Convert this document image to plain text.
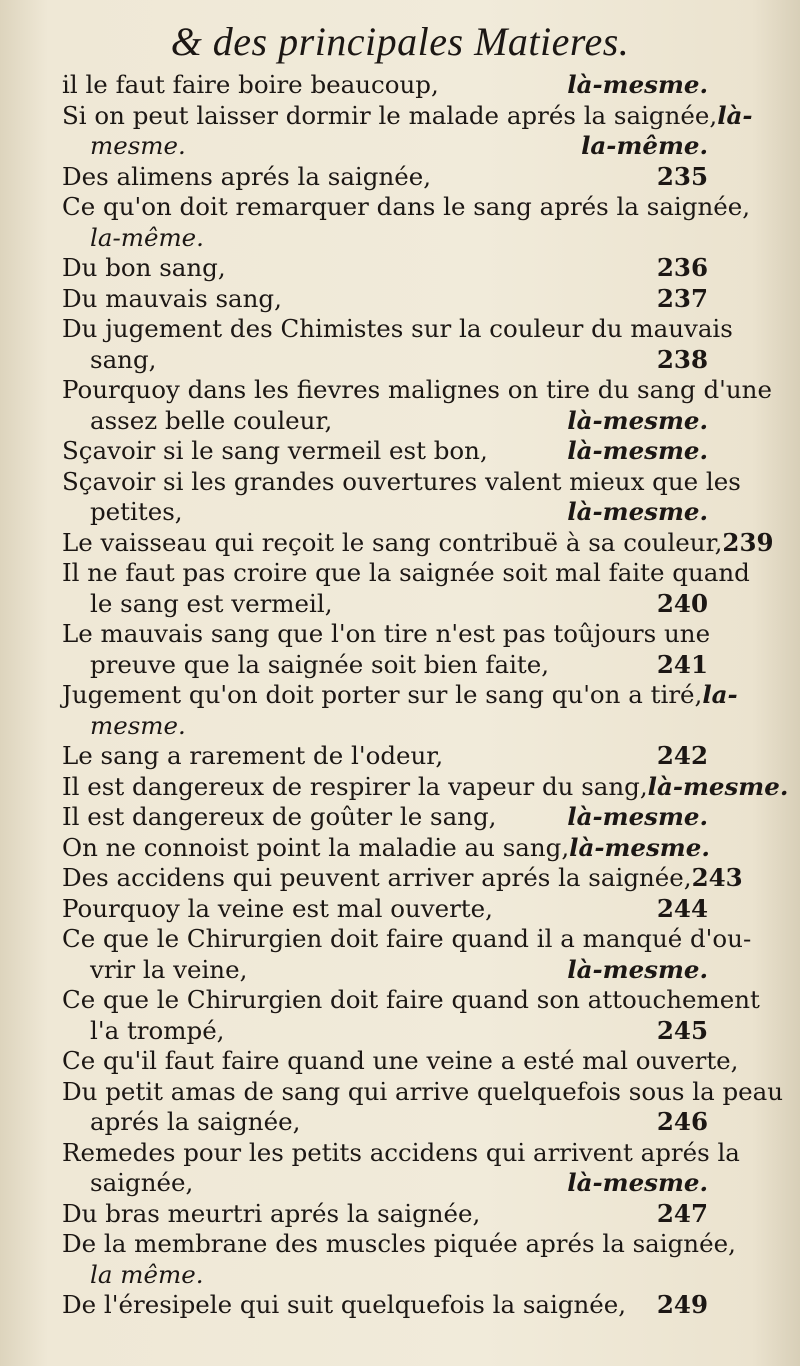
& des principales Matieres.
il le faut faire boire beaucoup,	là-mesme.
Si on peut laisser dormir le malade aprés la saignée, là-
mesme.	la-même.
Des alimens aprés la saignée,	235
Ce qu'on doit remarquer dans le sang aprés la saignée,
la-même.
Du bon sang,	236
Du mauvais sang,	237
Du jugement des Chimistes sur la couleur du mauvais
sang,	238
Pourquoy dans les fievres malignes on tire du sang d'une
assez belle couleur,	là-mesme.
Sçavoir si le sang vermeil est bon,	là-mesme.
Sçavoir si les grandes ouvertures valent mieux que les
petites,	là-mesme.
Le vaisseau qui reçoit le sang contribuë à sa couleur, 239
Il ne faut pas croire que la saignée soit mal faite quand
le sang est vermeil,	240
Le mauvais sang que l'on tire n'est pas toûjours une
preuve que la saignée soit bien faite,	241
Jugement qu'on doit porter sur le sang qu'on a tiré, la-
mesme.
Le sang a rarement de l'odeur,	242
Il est dangereux de respirer la vapeur du sang, là-mesme.
Il est dangereux de goûter le sang,	là-mesme.
On ne connoist point la maladie au sang, là-mesme.
Des accidens qui peuvent arriver aprés la saignée, 243
Pourquoy la veine est mal ouverte,	244
Ce que le Chirurgien doit faire quand il a manqué d'ou-
vrir la veine,	là-mesme.
Ce que le Chirurgien doit faire quand son attouchement
l'a trompé,	245
Ce qu'il faut faire quand une veine a esté mal ouverte,
Du petit amas de sang qui arrive quelquefois sous la peau
aprés la saignée,	246
Remedes pour les petits accidens qui arrivent aprés la
saignée,	là-mesme.
Du bras meurtri aprés la saignée,	247
De la membrane des muscles piquée aprés la saignée,
la même.
De l'éresipele qui suit quelquefois la saignée, 249
